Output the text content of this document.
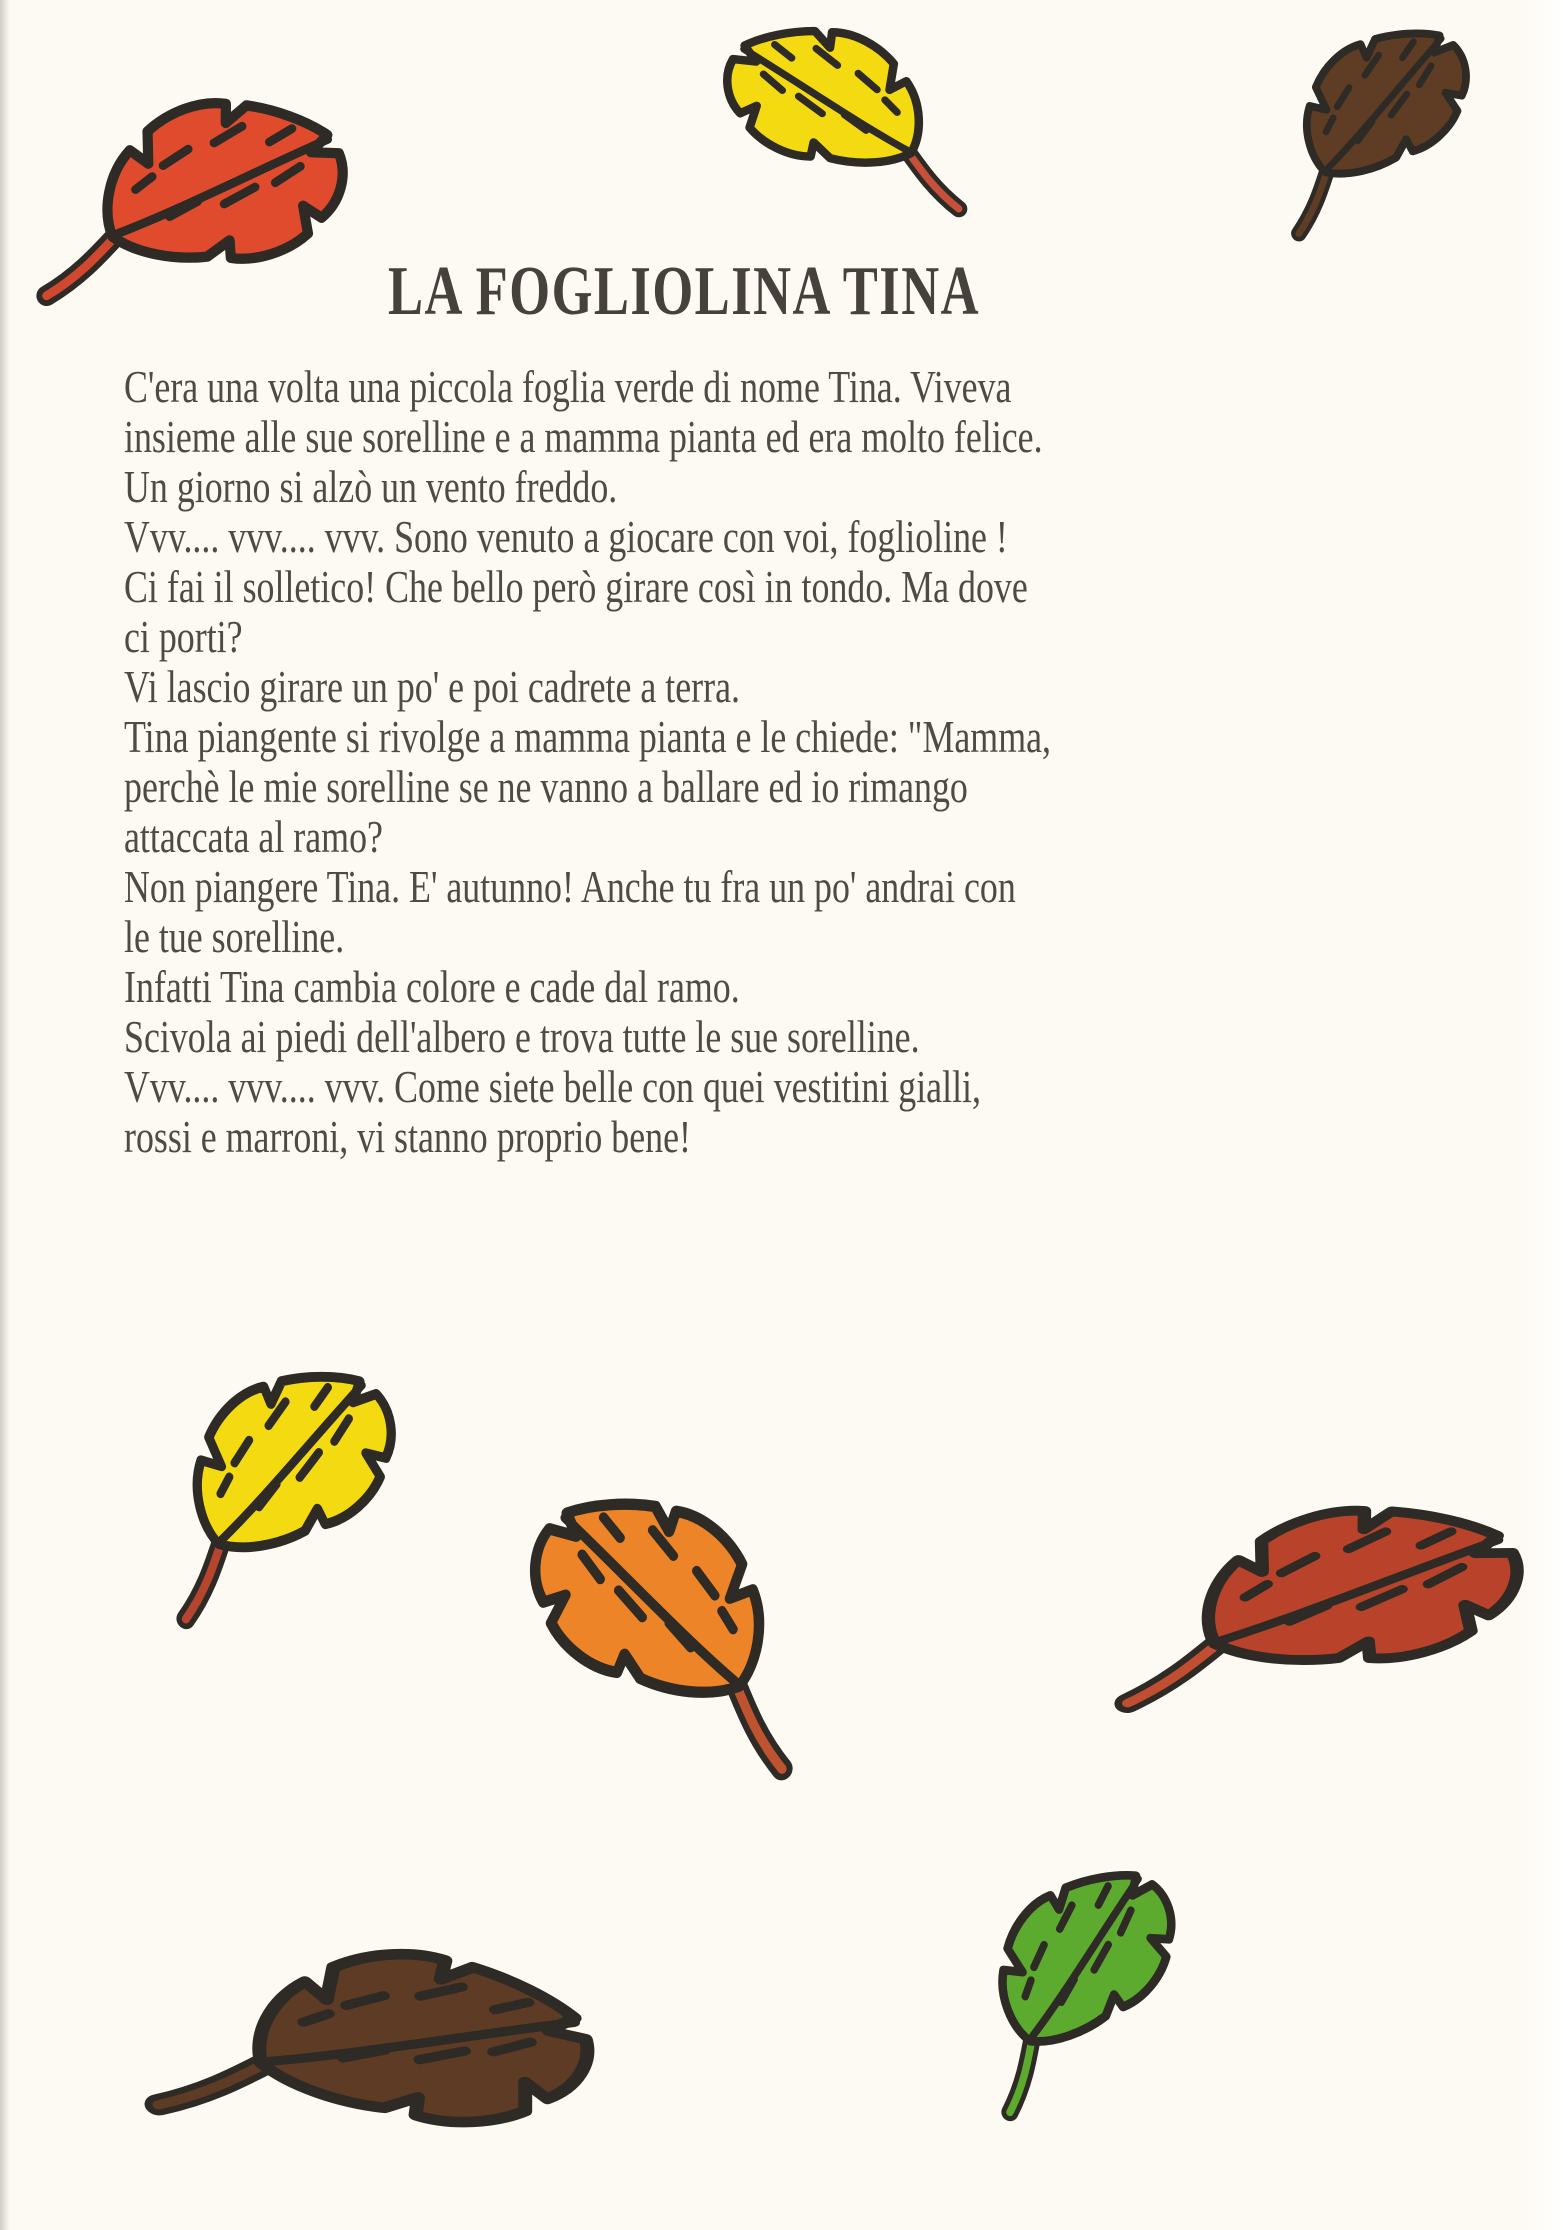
LA FOGLIOLINA TINA
C'era una volta una piccola foglia verde di nome Tina. Viveva
insieme alle sue sorelline e a mamma pianta ed era molto felice.
Un giorno si alzò un vento freddo.
Vvv.... vvv.... vvv. Sono venuto a giocare con voi, foglioline !
Ci fai il solletico! Che bello però girare così in tondo. Ma dove
ci porti?
Vi lascio girare un po' e poi cadrete a terra.
Tina piangente si rivolge a mamma pianta e le chiede: "Mamma,
perchè le mie sorelline se ne vanno a ballare ed io rimango
attaccata al ramo?
Non piangere Tina. E' autunno! Anche tu fra un po' andrai con
le tue sorelline.
Infatti Tina cambia colore e cade dal ramo.
Scivola ai piedi dell'albero e trova tutte le sue sorelline.
Vvv.... vvv.... vvv. Come siete belle con quei vestitini gialli,
rossi e marroni, vi stanno proprio bene!
